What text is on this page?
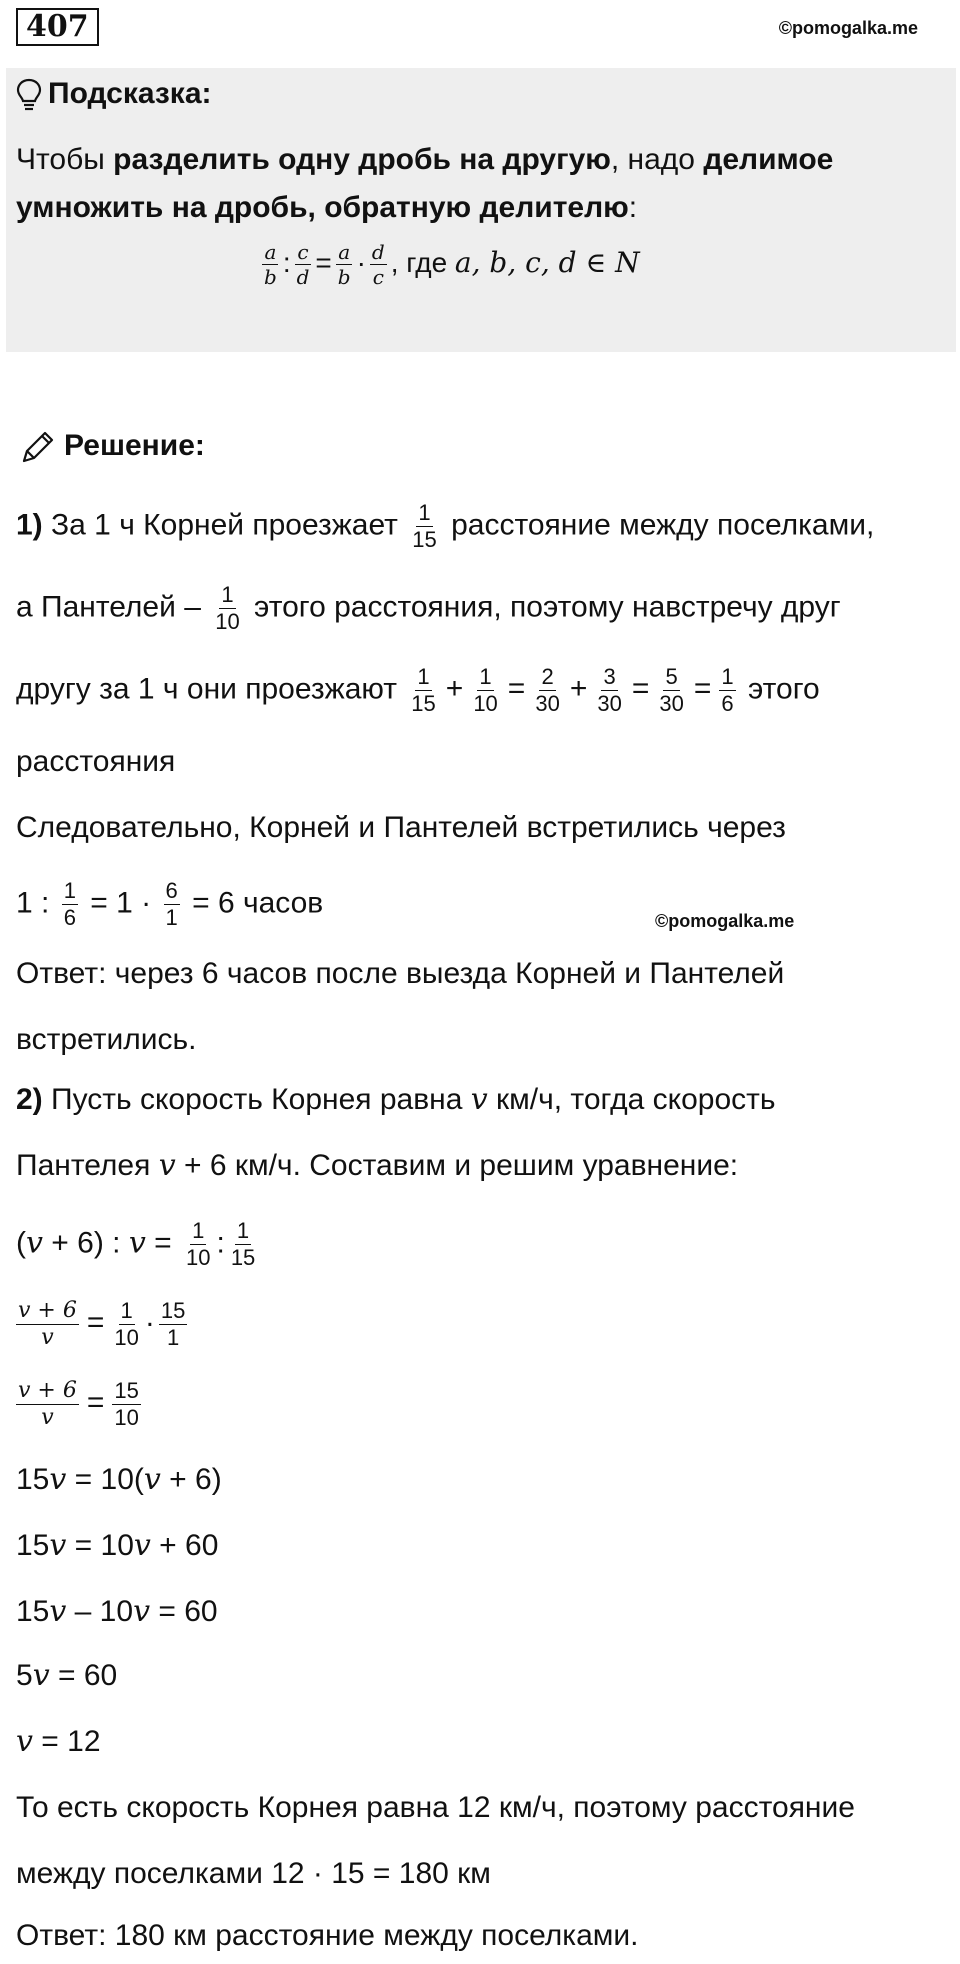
407	©pomogalka.me
Подсказка:
Чтобы разделить одну дробь на другую, надо делимое
умножить на дробь, обратную делителю:
$\frac{a}{b}$ : $\frac{c}{d} = \frac{a}{b} \cdot \frac{d}{c}$ , где a, b, c, d ∈ N
Решение:
1) За 1 ч Корней проезжает $\frac{1}{15}$ расстояние между поселками,
а Пантелей – $\frac{1}{10}$ этого расстояния, поэтому навстречу друг
другу за 1 ч они проезжают $\frac{1}{15} + \frac{1}{10} = \frac{2}{30} + \frac{3}{30} = \frac{5}{30} = \frac{1}{6}$ этого
расстояния
Следовательно, Корней и Пантелей встретились через
1 : $\frac{1}{6} = 1 \cdot \frac{6}{1} = 6$ часов
©pomogalka.me
Ответ: через 6 часов после выезда Корней и Пантелей
встретились.
2) Пусть скорость Корнея равна v км/ч, тогда скорость
Пантелея v + 6 км/ч. Составим и решим уравнение:
(v + 6) : $v = \frac{1}{10}$ : $\frac{1}{15}$
$\frac{v + 6}{v} = \frac{1}{10} \cdot \frac{15}{1}$
$\frac{v + 6}{v} = \frac{15}{10}$
15v = 10(v + 6)
15v = 10v + 60
15v – 10v = 60
5v = 60
v = 12
То есть скорость Корнея равна 12 км/ч, поэтому расстояние
между поселками 12 · 15 = 180 км
Ответ: 180 км расстояние между поселками.
